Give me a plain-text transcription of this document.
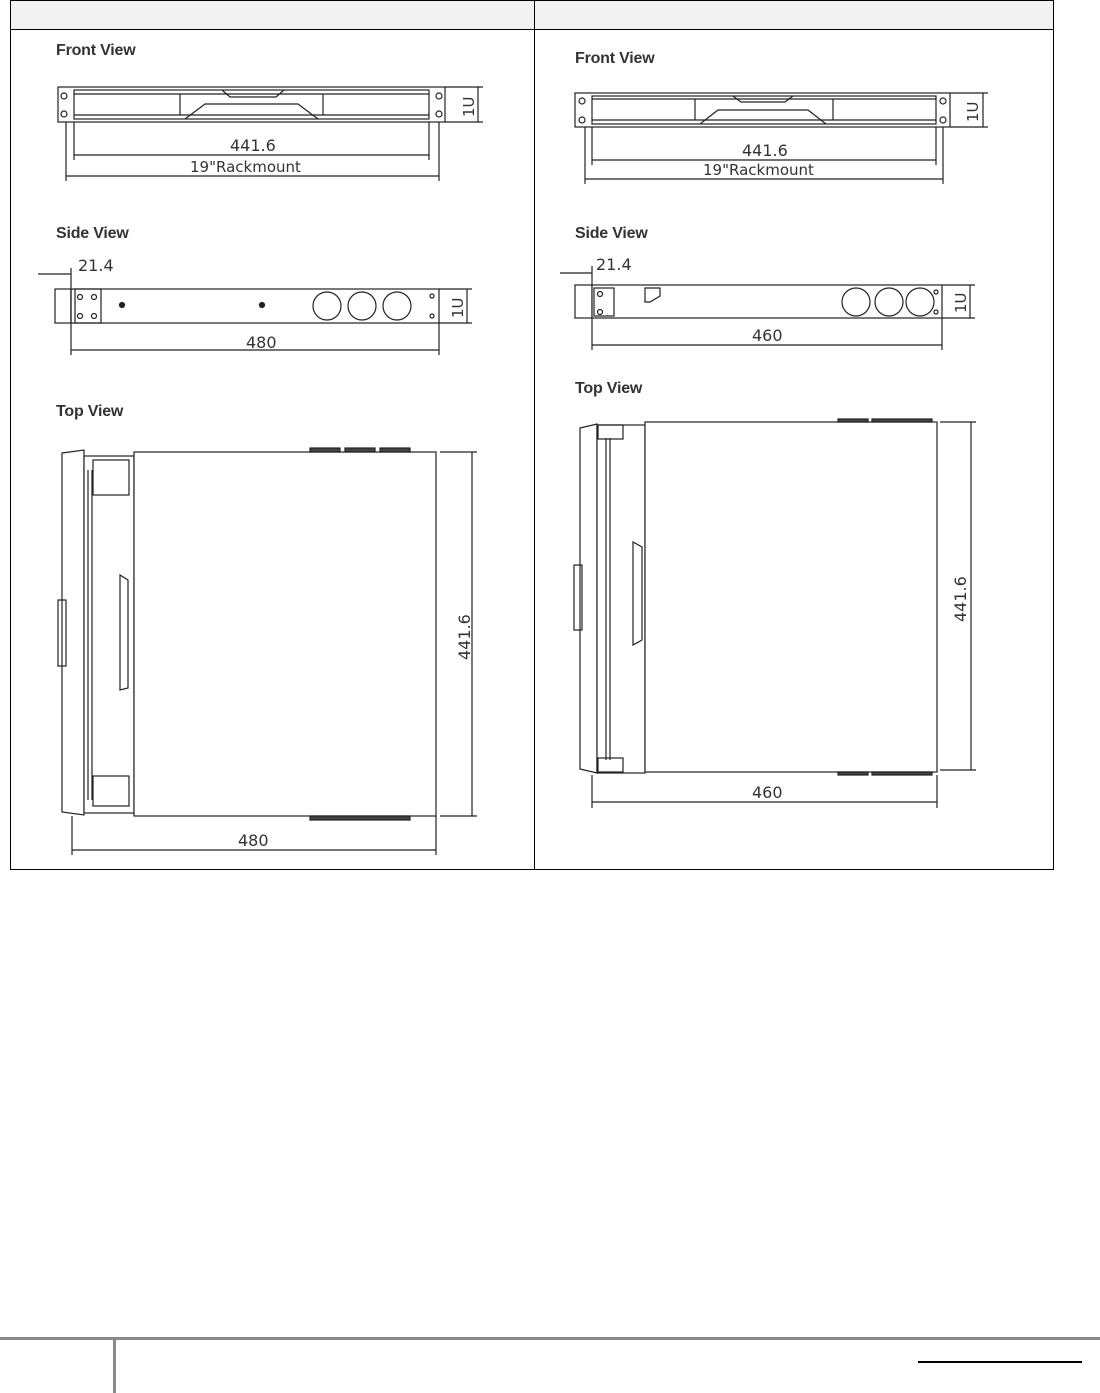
Front View
Side View
Top View
Front View
Side View
Top View
441.6
19"Rackmount
1U
21.4
480
1U
441.6
480
441.6
19"Rackmount
1U
21.4
460
1U
441.6
460
